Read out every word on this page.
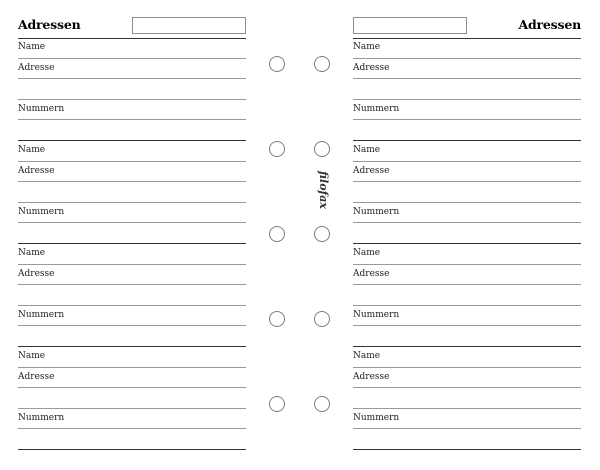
Adressen
Name
Adresse
Nummern
Name
Adresse
Nummern
Name
Adresse
Nummern
Name
Adresse
Nummern
Adressen
Name
Adresse
Nummern
Name
Adresse
Nummern
Name
Adresse
Nummern
Name
Adresse
Nummern
filofax
